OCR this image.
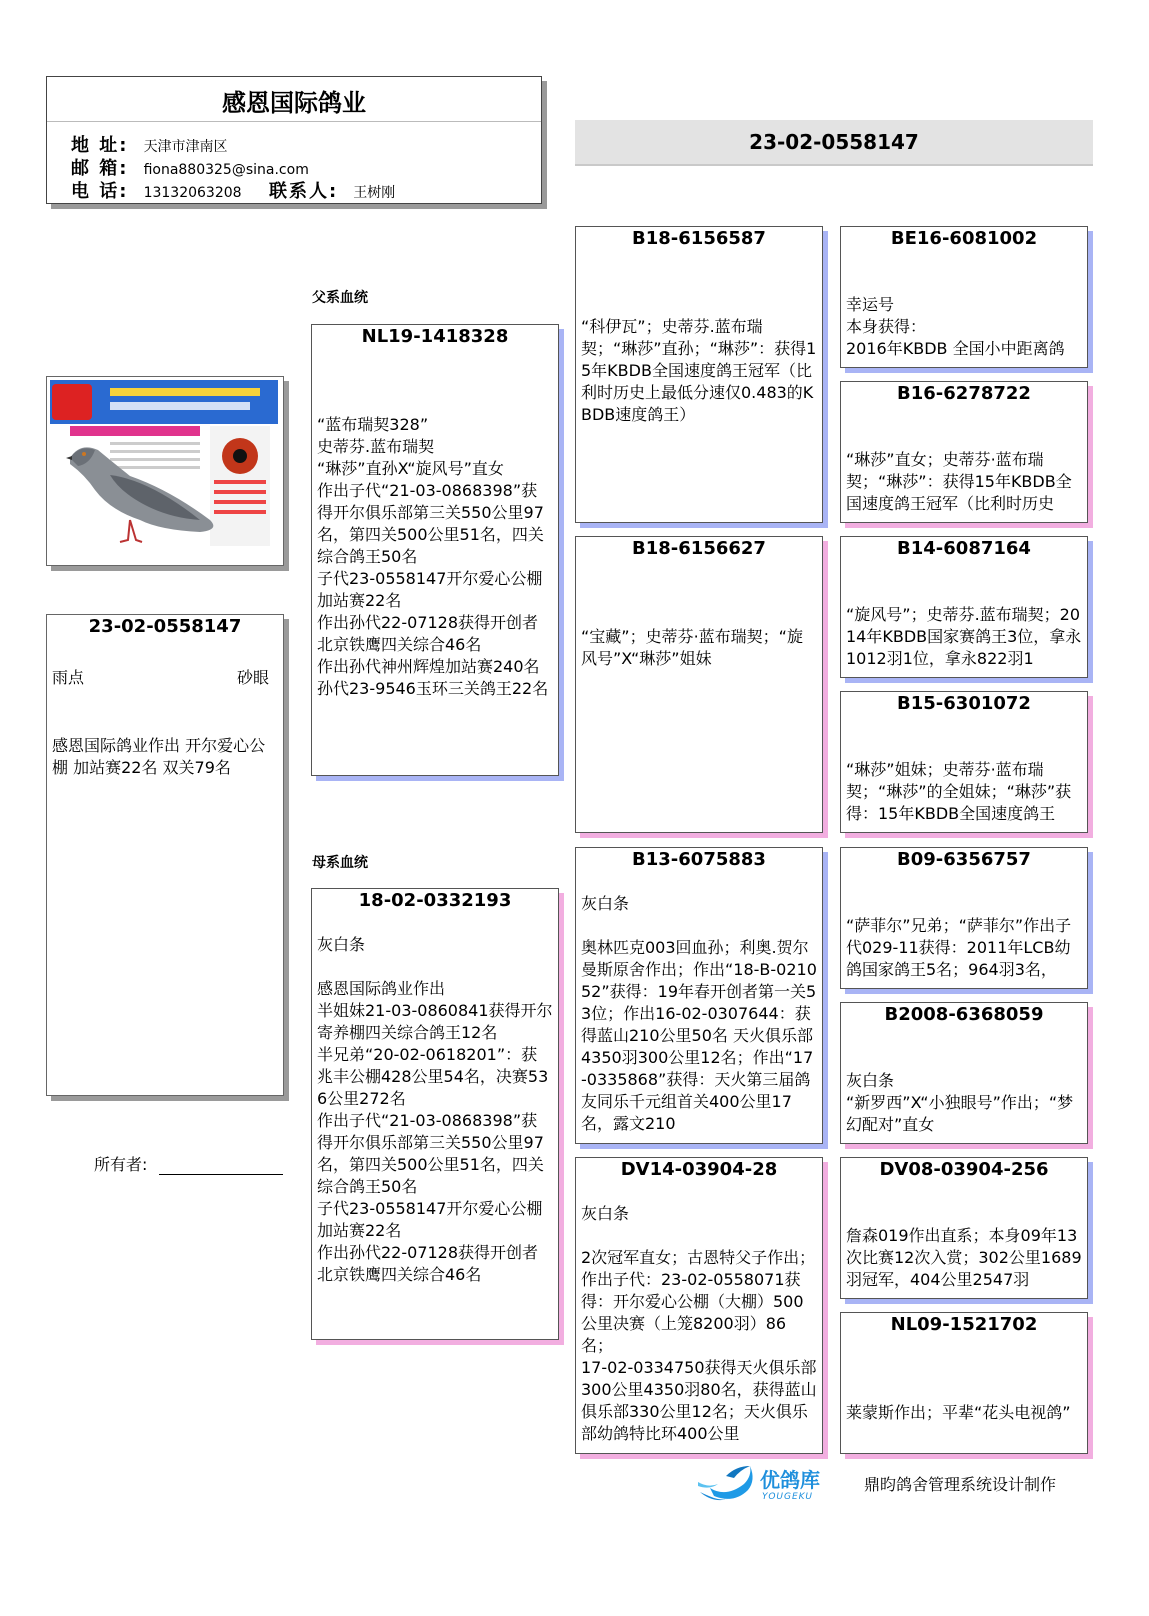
感恩国际鸽业
地 址: 天津市津南区
邮 箱: fiona880325@sina.com
电 话: 13132063208 联系人: 王树刚
23-02-0558147
23-02-0558147
雨点	砂眼
感恩国际鸽业作出 开尔爱心公棚 加站赛22名 双关79名
所有者:
父系血统
母系血统
NL19-1418328

“蓝布瑞契328”
史蒂芬.蓝布瑞契
“琳莎”直孙X“旋风号”直女
作出子代“21-03-0868398”获得开尔俱乐部第三关550公里97名，第四关500公里51名，四关综合鸽王50名
子代23-0558147开尔爱心公棚加站赛22名
作出孙代22-07128获得开创者北京铁鹰四关综合46名
作出孙代神州辉煌加站赛240名孙代23-9546玉环三关鸽王22名
18-02-0332193

灰白条

感恩国际鸽业作出
半姐妹21-03-0860841获得开尔寄养棚四关综合鸽王12名
半兄弟“20-02-0618201”：获兆丰公棚428公里54名，决赛536公里272名
作出子代“21-03-0868398”获得开尔俱乐部第三关550公里97名，第四关500公里51名，四关综合鸽王50名
子代23-0558147开尔爱心公棚加站赛22名
作出孙代22-07128获得开创者北京铁鹰四关综合46名
B18-6156587

“科伊瓦”；史蒂芬.蓝布瑞契；“琳莎”直孙；“琳莎”：获得15年KBDB全国速度鸽王冠军（比利时历史上最低分速仅0.483的KBDB速度鸽王）
B18-6156627

“宝藏”；史蒂芬·蓝布瑞契；“旋风号”X“琳莎”姐妹
B13-6075883

灰白条

奥林匹克003回血孙；利奥.贺尔曼斯原舍作出；作出“18-B-021052”获得：19年春开创者第一关53位；作出16-02-0307644：获得蓝山210公里50名 天火俱乐部4350羽300公里12名；作出“17-0335868”获得：天火第三届鸽友同乐千元组首关400公里17名，露文210
DV14-03904-28

灰白条

2次冠军直女；古恩特父子作出；作出子代：23-02-0558071获得：开尔爱心公棚（大棚）500公里决赛（上笼8200羽）86名；
17-02-0334750获得天火俱乐部300公里4350羽80名，获得蓝山俱乐部330公里12名；天火俱乐部幼鸽特比环400公里
BE16-6081002

幸运号
本身获得：
2016年KBDB 全国小中距离鸽
B16-6278722

“琳莎”直女；史蒂芬·蓝布瑞契；“琳莎”：获得15年KBDB全国速度鸽王冠军（比利时历史
B14-6087164

“旋风号”；史蒂芬.蓝布瑞契；2014年KBDB国家赛鸽王3位，拿永1012羽1位，拿永822羽1
B15-6301072

“琳莎”姐妹；史蒂芬·蓝布瑞契；“琳莎”的全姐妹；“琳莎”获得：15年KBDB全国速度鸽王
B09-6356757

“萨菲尔”兄弟；“萨菲尔”作出子代029-11获得：2011年LCB幼鸽国家鸽王5名；964羽3名，
B2008-6368059

灰白条
“新罗西”X“小独眼号”作出；“梦幻配对”直女
DV08-03904-256

詹森019作出直系；本身09年13次比赛12次入赏；302公里1689羽冠军，404公里2547羽
NL09-1521702

莱蒙斯作出；平辈“花头电视鸽”
优鸽库
YOUGEKU
鼎昀鸽舍管理系统设计制作
